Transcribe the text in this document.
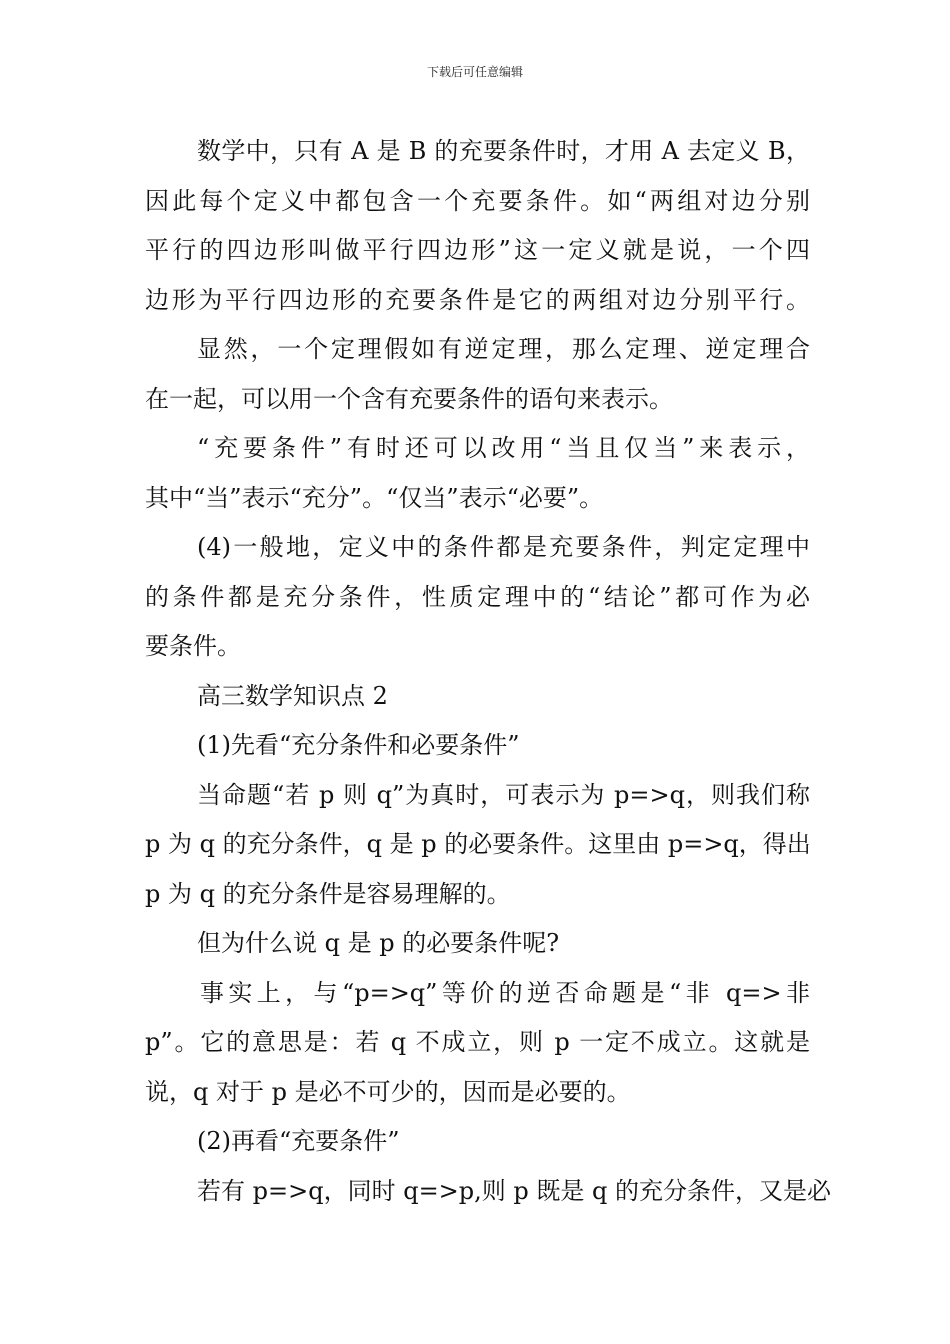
下载后可任意编辑
数学中，只有 A 是 B 的充要条件时，才用 A 去定义 B，
因此每个定义中都包含一个充要条件。如“两组对边分别
平行的四边形叫做平行四边形”这一定义就是说，一个四
边形为平行四边形的充要条件是它的两组对边分别平行。
显然，一个定理假如有逆定理，那么定理、逆定理合
在一起，可以用一个含有充要条件的语句来表示。
“充要条件”有时还可以改用“当且仅当”来表示，
其中“当”表示“充分”。“仅当”表示“必要”。
(4)一般地，定义中的条件都是充要条件，判定定理中
的条件都是充分条件，性质定理中的“结论”都可作为必
要条件。
高三数学知识点 2
(1)先看“充分条件和必要条件”
当命题“若 p 则 q”为真时，可表示为 p=>q，则我们称
p 为 q 的充分条件，q 是 p 的必要条件。这里由 p=>q，得出
p 为 q 的充分条件是容易理解的。
但为什么说 q 是 p 的必要条件呢?
事实上，与“p=>q”等价的逆否命题是“非 q=>非
p”。它的意思是：若 q 不成立，则 p 一定不成立。这就是
说，q 对于 p 是必不可少的，因而是必要的。
(2)再看“充要条件”
若有 p=>q，同时 q=>p,则 p 既是 q 的充分条件，又是必
